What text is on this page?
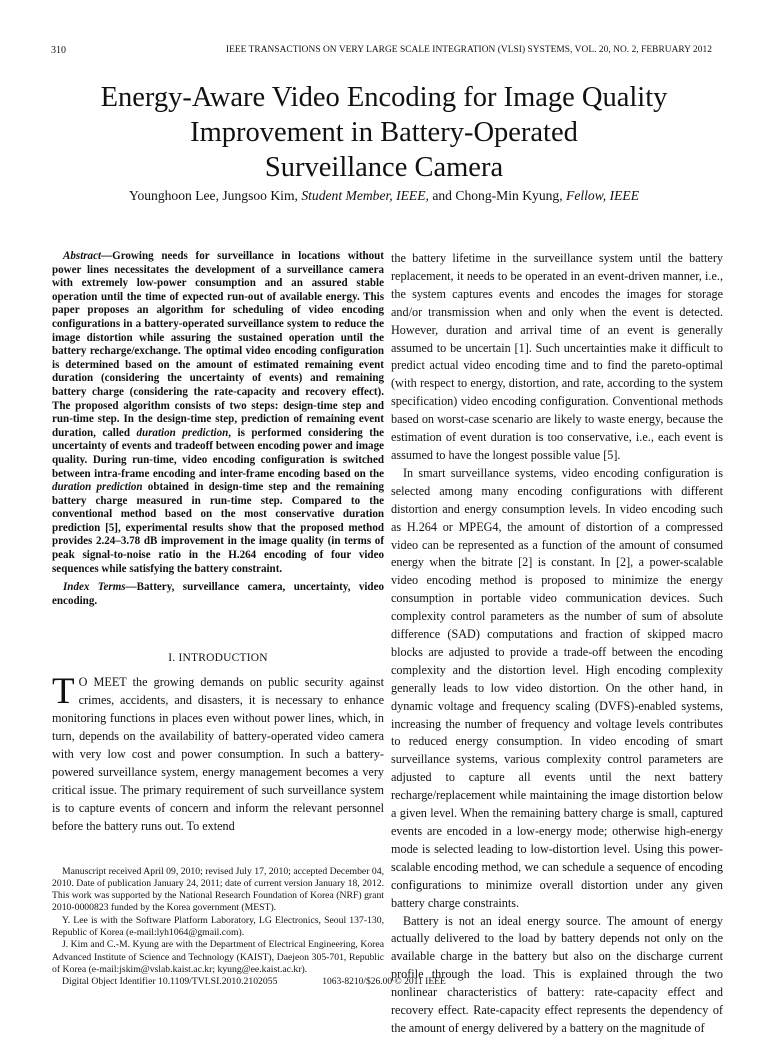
310	IEEE TRANSACTIONS ON VERY LARGE SCALE INTEGRATION (VLSI) SYSTEMS, VOL. 20, NO. 2, FEBRUARY 2012
Energy-Aware Video Encoding for Image Quality
Improvement in Battery-Operated
Surveillance Camera
Younghoon Lee, Jungsoo Kim, Student Member, IEEE, and Chong-Min Kyung, Fellow, IEEE

Abstract—Growing needs for surveillance in locations without power lines necessitates the development of a surveillance camera with extremely low-power consumption and an assured stable operation until the time of expected run-out of available energy. This paper proposes an algorithm for scheduling of video encoding configurations in a battery-operated surveillance system to reduce the image distortion while assuring the sustained operation until the battery recharge/exchange. The optimal video encoding configuration is determined based on the amount of estimated remaining event duration (considering the uncertainty of events) and remaining battery charge (considering the rate-capacity and recovery effect). The proposed algorithm consists of two steps: design-time step and run-time step. In the design-time step, prediction of remaining event duration, called duration prediction, is performed considering the uncertainty of events and tradeoff between encoding power and image quality. During run-time, video encoding configuration is switched between intra-frame encoding and inter-frame encoding based on the duration prediction obtained in design-time step and the remaining battery charge measured in run-time step. Compared to the conventional method based on the most conservative duration prediction [5], experimental results show that the proposed method provides 2.24–3.78 dB improvement in the image quality (in terms of peak signal-to-noise ratio in the H.264 encoding of four video sequences while satisfying the battery constraint.

Index Terms—Battery, surveillance camera, uncertainty, video encoding.

I. INTRODUCTION

T O MEET the growing demands on public security against crimes, accidents, and disasters, it is necessary to enhance monitoring functions in places even without power lines, which, in turn, depends on the availability of battery-operated video camera with very low cost and power consumption. In such a battery-powered surveillance system, energy management becomes a very critical issue. The primary requirement of such surveillance system is to capture events of concern and inform the relevant personnel before the battery runs out. To extend

Manuscript received April 09, 2010; revised July 17, 2010; accepted December 04, 2010. Date of publication January 24, 2011; date of current version January 18, 2012. This work was supported by the National Research Foundation of Korea (NRF) grant 2010-0000823 funded by the Korea government (MEST).

Y. Lee is with the Software Platform Laboratory, LG Electronics, Seoul 137-130, Republic of Korea (e-mail:lyh1064@gmail.com).

J. Kim and C.-M. Kyung are with the Department of Electrical Engineering, Korea Advanced Institute of Science and Technology (KAIST), Daejeon 305-701, Republic of Korea (e-mail:jskim@vslab.kaist.ac.kr; kyung@ee.kaist.ac.kr).

Digital Object Identifier 10.1109/TVLSI.2010.2102055

the battery lifetime in the surveillance system until the battery replacement, it needs to be operated in an event-driven manner, i.e., the system captures events and encodes the images for storage and/or transmission when and only when the event is detected. However, duration and arrival time of an event is generally assumed to be uncertain [1]. Such uncertainties make it difficult to predict actual video encoding time and to find the pareto-optimal (with respect to energy, distortion, and rate, according to the system specification) video encoding configuration. Conventional methods based on worst-case scenario are likely to waste energy, because the estimation of event duration is too conservative, i.e., each event is assumed to have the longest possible value [5].

In smart surveillance systems, video encoding configuration is selected among many encoding configurations with different distortion and energy consumption levels. In video encoding such as H.264 or MPEG4, the amount of distortion of a compressed video can be represented as a function of the amount of consumed energy when the bitrate [2] is constant. In [2], a power-scalable video encoding method is proposed to minimize the energy consumption in portable video communication devices. Such complexity control parameters as the number of sum of absolute difference (SAD) computations and fraction of skipped macro blocks are adjusted to provide a trade-off between the encoding complexity and the distortion level. High encoding complexity generally leads to low video distortion. On the other hand, in dynamic voltage and frequency scaling (DVFS)-enabled systems, increasing the number of frequency and voltage levels contributes to reduced energy consumption. In video encoding of smart surveillance systems, various complexity control parameters are adjusted to capture all events until the next battery recharge/replacement while maintaining the image distortion below a given level. When the remaining battery charge is small, captured events are encoded in a low-energy mode; otherwise high-energy mode is selected leading to low-distortion level. Using this power-scalable encoding method, we can schedule a sequence of encoding configurations to minimize overall distortion under any given battery charge constraints.

Battery is not an ideal energy source. The amount of energy actually delivered to the load by battery depends not only on the available charge in the battery but also on the discharge current profile through the load. This is explained through the two nonlinear characteristics of battery: rate-capacity effect and recovery effect. Rate-capacity effect represents the dependency of the amount of energy delivered by a battery on the magnitude of

1063-8210/$26.00 © 2011 IEEE
